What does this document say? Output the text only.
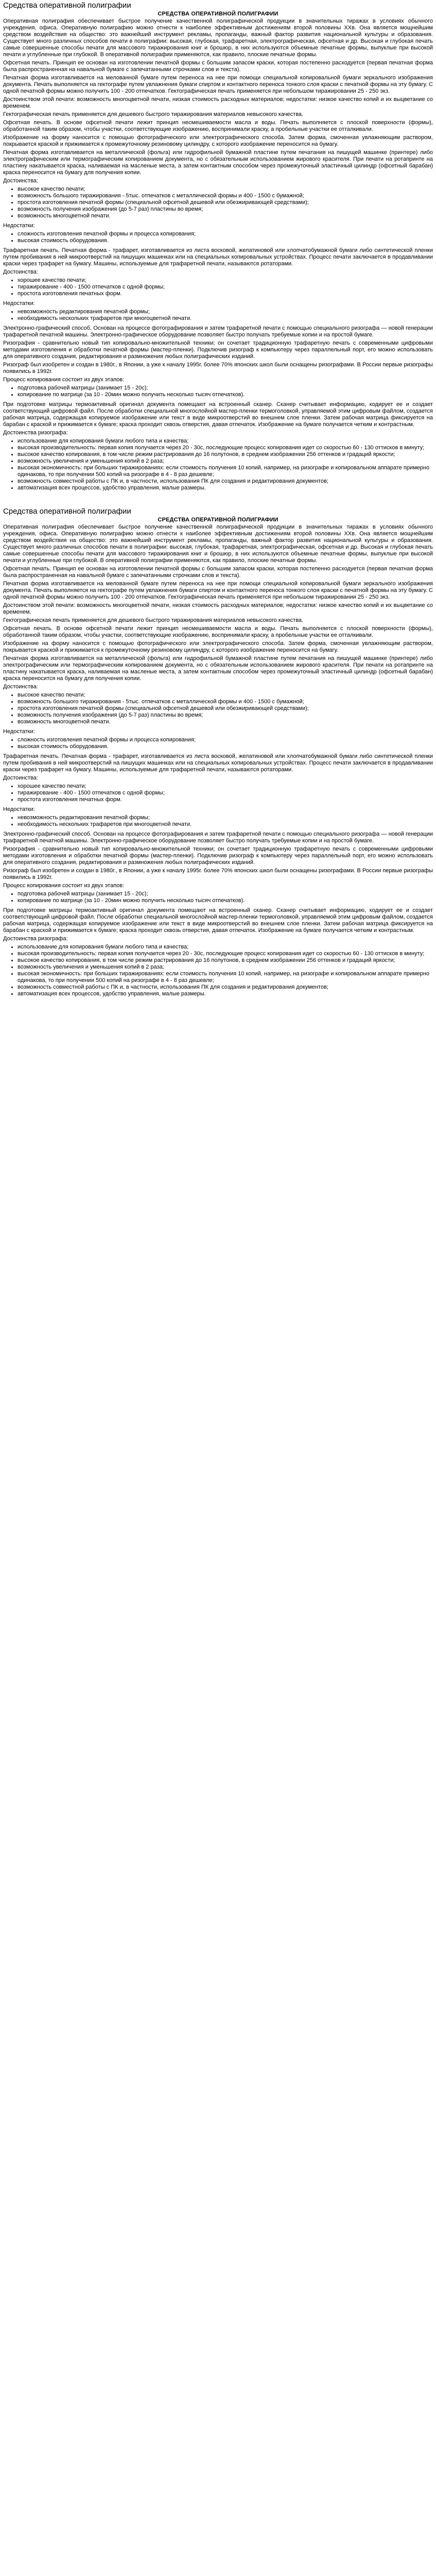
Средства оперативной полиграфии
СРЕДСТВА ОПЕРАТИВНОЙ ПОЛИГРАФИИ

Оперативная полиграфия обеспечивает быстрое получение качественной полиграфической продукции в значительных тиражах в условиях обычного учреждения, офиса. Оперативную полиграфию можно отнести к наиболее эффективным достижениям второй половины ХХв. Она является мощнейшим средством воздействия на общество: это важнейший инструмент рекламы, пропаганды, важный фактор развития национальной культуры и образования. Существует много различных способов печати в полиграфии: высокая, глубокая, трафаретная, электрографическая, офсетная и др. Высокая и глубокая печать самые совершенные способы печати для массового тиражирования книг и брошюр, в них используются объемные печатные формы, выпуклые при высокой печати и углубленные при глубокой. В оперативной полиграфии применяются, как правило, плоские печатные формы.

Офсетная печать. Принцип ее основан на изготовлении печатной формы с большим запасом краски, которая постепенно расходуется (первая печатная форма была распространенная на навальной бумаге с запечатанными строчками слов и текста).

Печатная форма изготавливается на мелованной бумаге путем переноса на нее при помощи специальной копировальной бумаги зеркального изображения документа. Печать выполняется на гектографе путем увлажнения бумаги спиртом и контактного переноса тонкого слоя краски с печатной формы на эту бумагу. С одной печатной формы можно получить 100 - 200 отпечатков. Гектографическая печать применяется при небольшом тиражировании 25 - 250 экз.

Достоинством этой печати: возможность многоцветной печати, низкая стоимость расходных материалов; недостатки: низкое качество копий и их выцветание со временем.

Гектографическая печать применяется для дешевого быстрого тиражирования материалов невысокого качества.

Офсетная печать. В основе офсетной печати лежит принцип несмешиваемости масла и воды. Печать выполняется с плоской поверхности (формы), обработанной таким образом, чтобы участки, соответствующие изображению, воспринимали краску, а пробельные участки ее отталкивали.

Изображение на форму наносится с помощью фотографического или электрографического способа. Затем форма, смоченная увлажняющим раствором, покрывается краской и прижимается к промежуточному резиновому цилиндру, с которого изображение переносится на бумагу.

Печатная форма изготавливается на металлической (фольга) или гидрофильной бумажной пластине путем печатания на пишущей машинке (принтере) либо электрографическим или термографическим копированием документа, но с обязательным использованием жирового красителя. При печати на ротапринте на пластину накатывается краска, наливаемая на масленые места, а затем контактным способом через промежуточный эластичный цилиндр (офсетный барабан) краска переносится на бумагу для получения копии.

Достоинства:

• высокое качество печати;
• возможность большого тиражирования - 5тыс. отпечатков с металлической формы и 400 - 1500 с бумажной;
• простота изготовления печатной формы (специальной офсетной дешевой или обезжиривающей средствами);
• возможность получения изображения (до 5-7 раз) пластины во время;
• возможность многоцветной печати.

Недостатки:

• сложность изготовления печатной формы и процесса копирования;
• высокая стоимость оборудования.

Трафаретная печать. Печатная форма - трафарет, изготавливается из листа восковой, желатиновой или хлопчатобумажной бумаги либо синтетической пленки путем пробивания в ней микроотверстий на пишущих машинках или на специальных копировальных устройствах. Процесс печати заключается в продавливании краски через трафарет на бумагу. Машины, используемые для трафаретной печати, называются ротаторами.

Достоинства:

• хорошее качество печати;
• тиражирование - 400 - 1500 отпечатков с одной формы;
• простота изготовления печатных форм.

Недостатки:

• невозможность редактирования печатной формы;
• необходимость нескольких трафаретов при многоцветной печати.

Электронно-графический способ. Основан на процессе фотографирования и затем трафаретной печати с помощью специального ризографа — новой генерации трафаретной печатной машины. Электронно-графическое оборудование позволяет быстро получать требуемые копии и на простой бумаге.

Ризография - сравнительно новый тип копировально-множительной техники; он сочетает традиционную трафаретную печать с современными цифровыми методами изготовления и обработки печатной формы (мастер-пленки). Подключив ризограф к компьютеру через параллельный порт, его можно использовать для оперативного создания, редактирования и размножения любых полиграфических изданий.

Ризограф был изобретен и создан в 1980г., в Японии, а уже к началу 1995г. более 70% японских школ были оснащены ризографами. В России первые ризографы появились в 1992г.

Процесс копирования состоит из двух этапов:

• подготовка рабочей матрицы (занимает 15 - 20с);
• копирование по матрице (за 10 - 20мин можно получить несколько тысяч отпечатков).

При подготовке матрицы термоактивный оригинал документа помещают на встроенный сканер. Сканер считывает информацию, кодирует ее и создает соответствующий цифровой файл. После обработки специальной многослойной мастер-пленки термоголовкой, управляемой этим цифровым файлом, создается рабочая матрица, содержащая копируемое изображение или текст в виде микроотверстий во внешнем слое пленки. Затем рабочая матрица фиксируется на барабан с краской и прижимается к бумаге; краска проходит сквозь отверстия, давая отпечаток. Изображение на бумаге получается четким и контрастным.

Достоинства ризографа:

• использование для копирования бумаги любого типа и качества;
• высокая производительность: первая копия получается через 20 - 30с, последующие процесс копирования идет со скоростью 60 - 130 оттисков в минуту;
• высокое качество копирования, в том числе режим растрирования до 16 полутонов, в среднем изображении 256 оттенков и градаций яркости;
• возможность увеличения и уменьшения копий в 2 раза;
• высокая экономичность: при больших тиражированиях: если стоимость получения 10 копий, например, на ризографе и копировальном аппарате примерно одинакова, то при получении 500 копий на ризографе в 4 - 8 раз дешевле;
• возможность совместной работы с ПК и, в частности, использования ПК для создания и редактирования документов;
• автоматизация всех процессов, удобство управления, малые размеры.
Средства оперативной полиграфии
СРЕДСТВА ОПЕРАТИВНОЙ ПОЛИГРАФИИ

Оперативная полиграфия обеспечивает быстрое получение качественной полиграфической продукции в значительных тиражах в условиях обычного учреждения, офиса. Оперативную полиграфию можно отнести к наиболее эффективным достижениям второй половины ХХв. Она является мощнейшим средством воздействия на общество: это важнейший инструмент рекламы, пропаганды, важный фактор развития национальной культуры и образования. Существует много различных способов печати в полиграфии: высокая, глубокая, трафаретная, электрографическая, офсетная и др. Высокая и глубокая печать самые совершенные способы печати для массового тиражирования книг и брошюр, в них используются объемные печатные формы, выпуклые при высокой печати и углубленные при глубокой. В оперативной полиграфии применяются, как правило, плоские печатные формы.

Офсетная печать. Принцип ее основан на изготовлении печатной формы с большим запасом краски, которая постепенно расходуется (первая печатная форма была распространенная на навальной бумаге с запечатанными строчками слов и текста).

Печатная форма изготавливается на мелованной бумаге путем переноса на нее при помощи специальной копировальной бумаги зеркального изображения документа. Печать выполняется на гектографе путем увлажнения бумаги спиртом и контактного переноса тонкого слоя краски с печатной формы на эту бумагу. С одной печатной формы можно получить 100 - 200 отпечатков. Гектографическая печать применяется при небольшом тиражировании 25 - 250 экз.

Достоинством этой печати: возможность многоцветной печати, низкая стоимость расходных материалов; недостатки: низкое качество копий и их выцветание со временем.

Гектографическая печать применяется для дешевого быстрого тиражирования материалов невысокого качества.

Офсетная печать. В основе офсетной печати лежит принцип несмешиваемости масла и воды. Печать выполняется с плоской поверхности (формы), обработанной таким образом, чтобы участки, соответствующие изображению, воспринимали краску, а пробельные участки ее отталкивали.

Изображение на форму наносится с помощью фотографического или электрографического способа. Затем форма, смоченная увлажняющим раствором, покрывается краской и прижимается к промежуточному резиновому цилиндру, с которого изображение переносится на бумагу.

Печатная форма изготавливается на металлической (фольга) или гидрофильной бумажной пластине путем печатания на пишущей машинке (принтере) либо электрографическим или термографическим копированием документа, но с обязательным использованием жирового красителя. При печати на ротапринте на пластину накатывается краска, наливаемая на масленые места, а затем контактным способом через промежуточный эластичный цилиндр (офсетный барабан) краска переносится на бумагу для получения копии.

Достоинства:

• высокое качество печати;
• возможность большого тиражирования - 5тыс. отпечатков с металлической формы и 400 - 1500 с бумажной;
• простота изготовления печатной формы (специальной офсетной дешевой или обезжиривающей средствами);
• возможность получения изображения (до 5-7 раз) пластины во время;
• возможность многоцветной печати.

Недостатки:

• сложность изготовления печатной формы и процесса копирования;
• высокая стоимость оборудования.

Трафаретная печать. Печатная форма - трафарет, изготавливается из листа восковой, желатиновой или хлопчатобумажной бумаги либо синтетической пленки путем пробивания в ней микроотверстий на пишущих машинках или на специальных копировальных устройствах. Процесс печати заключается в продавливании краски через трафарет на бумагу. Машины, используемые для трафаретной печати, называются ротаторами.

Достоинства:

• хорошее качество печати;
• тиражирование - 400 - 1500 отпечатков с одной формы;
• простота изготовления печатных форм.

Недостатки:

• невозможность редактирования печатной формы;
• необходимость нескольких трафаретов при многоцветной печати.

Электронно-графический способ. Основан на процессе фотографирования и затем трафаретной печати с помощью специального ризографа — новой генерации трафаретной печатной машины. Электронно-графическое оборудование позволяет быстро получать требуемые копии и на простой бумаге.

Ризография - сравнительно новый тип копировально-множительной техники; он сочетает традиционную трафаретную печать с современными цифровыми методами изготовления и обработки печатной формы (мастер-пленки). Подключив ризограф к компьютеру через параллельный порт, его можно использовать для оперативного создания, редактирования и размножения любых полиграфических изданий.

Ризограф был изобретен и создан в 1980г., в Японии, а уже к началу 1995г. более 70% японских школ были оснащены ризографами. В России первые ризографы появились в 1992г.

Процесс копирования состоит из двух этапов:

• подготовка рабочей матрицы (занимает 15 - 20с);
• копирование по матрице (за 10 - 20мин можно получить несколько тысяч отпечатков).

При подготовке матрицы термоактивный оригинал документа помещают на встроенный сканер. Сканер считывает информацию, кодирует ее и создает соответствующий цифровой файл. После обработки специальной многослойной мастер-пленки термоголовкой, управляемой этим цифровым файлом, создается рабочая матрица, содержащая копируемое изображение или текст в виде микроотверстий во внешнем слое пленки. Затем рабочая матрица фиксируется на барабан с краской и прижимается к бумаге; краска проходит сквозь отверстия, давая отпечаток. Изображение на бумаге получается четким и контрастным.

Достоинства ризографа:

• использование для копирования бумаги любого типа и качества;
• высокая производительность: первая копия получается через 20 - 30с, последующие процесс копирования идет со скоростью 60 - 130 оттисков в минуту;
• высокое качество копирования, в том числе режим растрирования до 16 полутонов, в среднем изображении 256 оттенков и градаций яркости;
• возможность увеличения и уменьшения копий в 2 раза;
• высокая экономичность: при больших тиражированиях: если стоимость получения 10 копий, например, на ризографе и копировальном аппарате примерно одинакова, то при получении 500 копий на ризографе в 4 - 8 раз дешевле;
• возможность совместной работы с ПК и, в частности, использования ПК для создания и редактирования документов;
• автоматизация всех процессов, удобство управления, малые размеры.
